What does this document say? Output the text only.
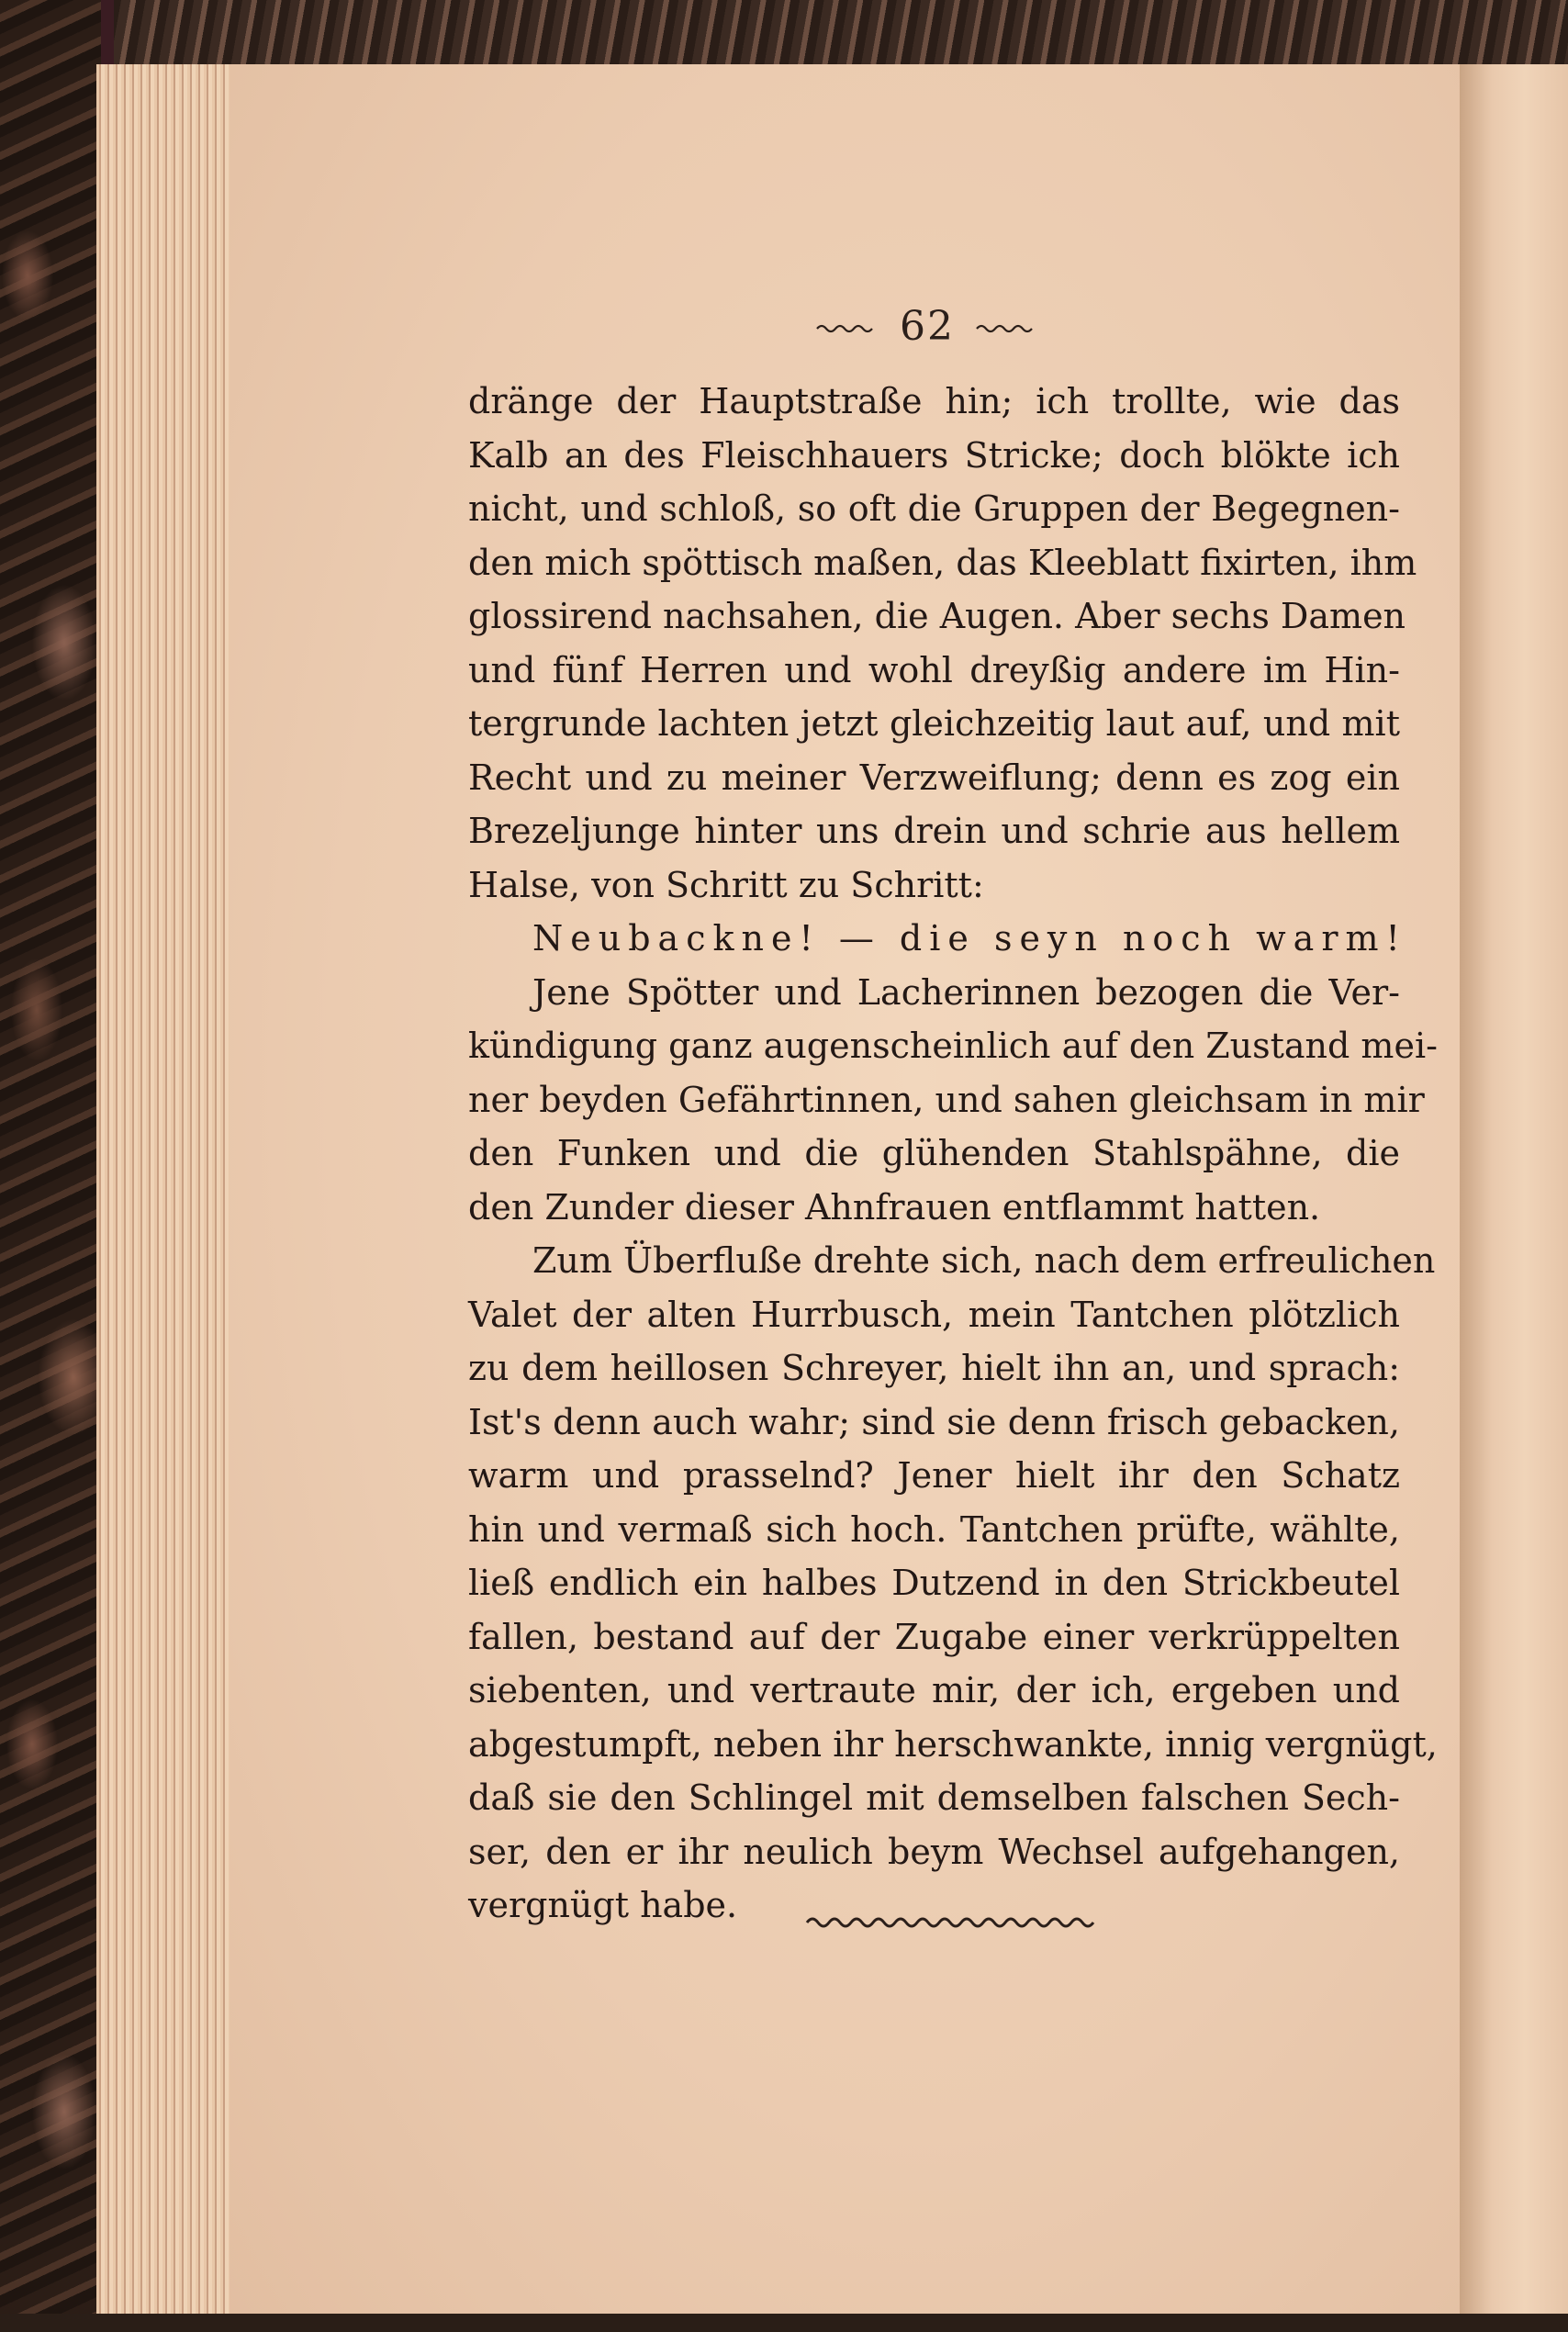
62
dränge der Hauptstraße hin; ich trollte, wie das
Kalb an des Fleischhauers Stricke; doch blökte ich
nicht, und schloß, so oft die Gruppen der Begegnen-
den mich spöttisch maßen, das Kleeblatt fixirten, ihm
glossirend nachsahen, die Augen. Aber sechs Damen
und fünf Herren und wohl dreyßig andere im Hin-
tergrunde lachten jetzt gleichzeitig laut auf, und mit
Recht und zu meiner Verzweiflung; denn es zog ein
Brezeljunge hinter uns drein und schrie aus hellem
Halse, von Schritt zu Schritt:
Neubackne! — die seyn noch warm!
Jene Spötter und Lacherinnen bezogen die Ver-
kündigung ganz augenscheinlich auf den Zustand mei-
ner beyden Gefährtinnen, und sahen gleichsam in mir
den Funken und die glühenden Stahlspähne, die
den Zunder dieser Ahnfrauen entflammt hatten.
Zum Überfluße drehte sich, nach dem erfreulichen
Valet der alten Hurrbusch, mein Tantchen plötzlich
zu dem heillosen Schreyer, hielt ihn an, und sprach:
Ist's denn auch wahr; sind sie denn frisch gebacken,
warm und prasselnd? Jener hielt ihr den Schatz
hin und vermaß sich hoch. Tantchen prüfte, wählte,
ließ endlich ein halbes Dutzend in den Strickbeutel
fallen, bestand auf der Zugabe einer verkrüppelten
siebenten, und vertraute mir, der ich, ergeben und
abgestumpft, neben ihr herschwankte, innig vergnügt,
daß sie den Schlingel mit demselben falschen Sech-
ser, den er ihr neulich beym Wechsel aufgehangen,
vergnügt habe.
